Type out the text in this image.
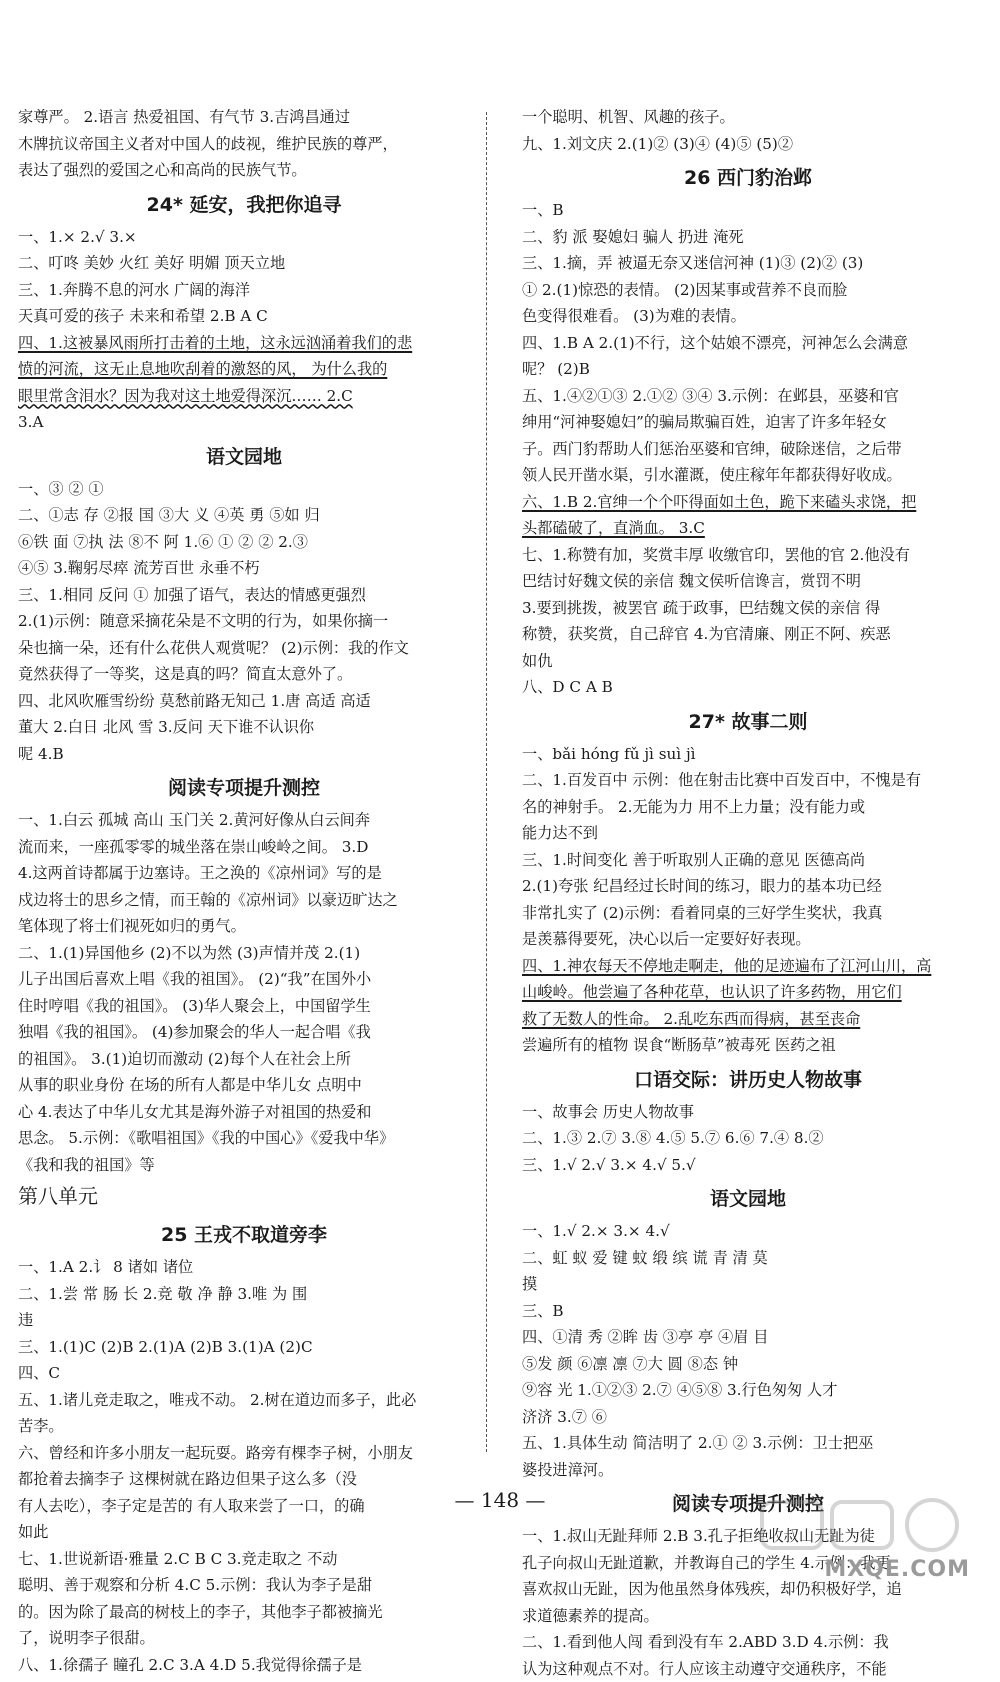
家尊严。 2.语言 热爱祖国、有气节 3.吉鸿昌通过
木牌抗议帝国主义者对中国人的歧视，维护民族的尊严，
表达了强烈的爱国之心和高尚的民族气节。
24* 延安，我把你追寻
一、1.× 2.√ 3.×
二、叮咚 美妙 火红 美好 明媚 顶天立地
三、1.奔腾不息的河水 广阔的海洋
天真可爱的孩子 未来和希望 2.B A C
四、1.这被暴风雨所打击着的土地，这永远汹涌着我们的悲
愤的河流，这无止息地吹刮着的激怒的风， 为什么我的
眼里常含泪水？因为我对这土地爱得深沉…… 2.C
3.A
语文园地
一、③ ② ①
二、①志 存 ②报 国 ③大 义 ④英 勇 ⑤如 归
⑥铁 面 ⑦执 法 ⑧不 阿 1.⑥ ① ② ② 2.③
④⑤ 3.鞠躬尽瘁 流芳百世 永垂不朽
三、1.相同 反问 ① 加强了语气，表达的情感更强烈
2.(1)示例：随意采摘花朵是不文明的行为，如果你摘一
朵也摘一朵，还有什么花供人观赏呢？ (2)示例：我的作文
竟然获得了一等奖，这是真的吗？简直太意外了。
四、北风吹雁雪纷纷 莫愁前路无知己 1.唐 高适 高适
董大 2.白日 北风 雪 3.反问 天下谁不认识你
呢 4.B
阅读专项提升测控
一、1.白云 孤城 高山 玉门关 2.黄河好像从白云间奔
流而来，一座孤零零的城坐落在崇山峻岭之间。 3.D
4.这两首诗都属于边塞诗。王之涣的《凉州词》写的是
戍边将士的思乡之情，而王翰的《凉州词》以豪迈旷达之
笔体现了将士们视死如归的勇气。
二、1.(1)异国他乡 (2)不以为然 (3)声情并茂 2.(1)
儿子出国后喜欢上唱《我的祖国》。 (2)“我”在国外小
住时哼唱《我的祖国》。 (3)华人聚会上，中国留学生
独唱《我的祖国》。 (4)参加聚会的华人一起合唱《我
的祖国》。 3.(1)迫切而激动 (2)每个人在社会上所
从事的职业身份 在场的所有人都是中华儿女 点明中
心 4.表达了中华儿女尤其是海外游子对祖国的热爱和
思念。 5.示例：《歌唱祖国》《我的中国心》《爱我中华》
《我和我的祖国》等
第八单元
25 王戎不取道旁李
一、1.A 2.讠 8 诸如 诸位
二、1.尝 常 肠 长 2.竞 敬 净 静 3.唯 为 围
违
三、1.(1)C (2)B 2.(1)A (2)B 3.(1)A (2)C
四、C
五、1.诸儿竞走取之，唯戎不动。 2.树在道边而多子，此必
苦李。
六、曾经和许多小朋友一起玩耍。路旁有棵李子树，小朋友
都抢着去摘李子 这棵树就在路边但果子这么多（没
有人去吃），李子定是苦的 有人取来尝了一口，的确
如此
七、1.世说新语·雅量 2.C B C 3.竞走取之 不动
聪明、善于观察和分析 4.C 5.示例：我认为李子是甜
的。因为除了最高的树枝上的李子，其他李子都被摘光
了，说明李子很甜。
八、1.徐孺子 瞳孔 2.C 3.A 4.D 5.我觉得徐孺子是
一个聪明、机智、风趣的孩子。
九、1.刘文庆 2.(1)② (3)④ (4)⑤ (5)②
26 西门豹治邺
一、B
二、豹 派 娶媳妇 骗人 扔进 淹死
三、1.摘，弄 被逼无奈又迷信河神 (1)③ (2)② (3)
① 2.(1)惊恐的表情。 (2)因某事或营养不良而脸
色变得很难看。 (3)为难的表情。
四、1.B A 2.(1)不行，这个姑娘不漂亮，河神怎么会满意
呢？ (2)B
五、1.④②①③ 2.①② ③④ 3.示例：在邺县，巫婆和官
绅用“河神娶媳妇”的骗局欺骗百姓，迫害了许多年轻女
子。西门豹帮助人们惩治巫婆和官绅，破除迷信，之后带
领人民开凿水渠，引水灌溉，使庄稼年年都获得好收成。
六、1.B 2.官绅一个个吓得面如土色，跪下来磕头求饶，把
头都磕破了，直淌血。 3.C
七、1.称赞有加，奖赏丰厚 收缴官印，罢他的官 2.他没有
巴结讨好魏文侯的亲信 魏文侯听信谗言，赏罚不明
3.要到挑拨，被罢官 疏于政事，巴结魏文侯的亲信 得
称赞，获奖赏，自己辞官 4.为官清廉、刚正不阿、疾恶
如仇
八、D C A B
27* 故事二则
一、bǎi hóng fǔ jì suì jì
二、1.百发百中 示例：他在射击比赛中百发百中，不愧是有
名的神射手。 2.无能为力 用不上力量；没有能力或
能力达不到
三、1.时间变化 善于听取别人正确的意见 医德高尚
2.(1)夸张 纪昌经过长时间的练习，眼力的基本功已经
非常扎实了 (2)示例：看着同桌的三好学生奖状，我真
是羡慕得要死，决心以后一定要好好表现。
四、1.神农每天不停地走啊走，他的足迹遍布了江河山川，高
山峻岭。他尝遍了各种花草，也认识了许多药物，用它们
救了无数人的性命。 2.乱吃东西而得病，甚至丧命
尝遍所有的植物 误食“断肠草”被毒死 医药之祖
口语交际：讲历史人物故事
一、故事会 历史人物故事
二、1.③ 2.⑦ 3.⑧ 4.⑤ 5.⑦ 6.⑥ 7.④ 8.②
三、1.√ 2.√ 3.× 4.√ 5.√
语文园地
一、1.√ 2.× 3.× 4.√
二、虹 蚁 爱 键 蚊 缎 缤 谎 青 清 莫
摸
三、B
四、①清 秀 ②眸 齿 ③亭 亭 ④眉 目
⑤发 颜 ⑥凛 凛 ⑦大 圆 ⑧态 钟
⑨容 光 1.①②③ 2.⑦ ④⑤⑧ 3.行色匆匆 人才
济济 3.⑦ ⑥
五、1.具体生动 简洁明了 2.① ② 3.示例：卫士把巫
婆投进漳河。
阅读专项提升测控
一、1.叔山无趾拜师 2.B 3.孔子拒绝收叔山无趾为徒
孔子向叔山无趾道歉，并教诲自己的学生 4.示例：我更
喜欢叔山无趾，因为他虽然身体残疾，却仍积极好学，追
求道德素养的提高。
二、1.看到他人闯 看到没有车 2.ABD 3.D 4.示例：我
认为这种观点不对。行人应该主动遵守交通秩序，不能
— 148 —
MXQE.COM
